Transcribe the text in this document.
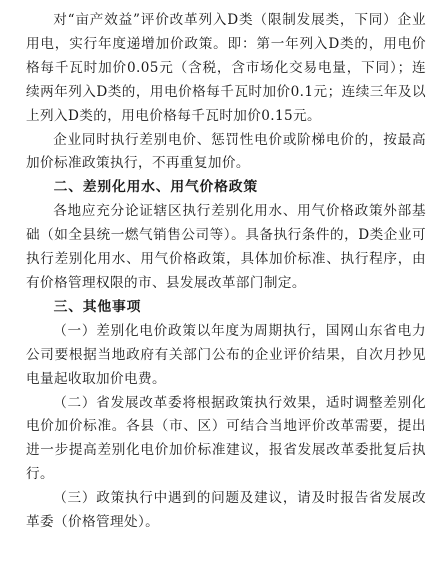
对“亩产效益”评价改革列入D类（限制发展类，下同）企业用电，实行年度递增加价政策。即：第一年列入D类的，用电价格每千瓦时加价0.05元（含税，含市场化交易电量，下同）；连续两年列入D类的，用电价格每千瓦时加价0.1元；连续三年及以上列入D类的，用电价格每千瓦时加价0.15元。

企业同时执行差别电价、惩罚性电价或阶梯电价的，按最高加价标准政策执行，不再重复加价。

二、差别化用水、用气价格政策

各地应充分论证辖区执行差别化用水、用气价格政策外部基础（如全县统一燃气销售公司等）。具备执行条件的，D类企业可执行差别化用水、用气价格政策，具体加价标准、执行程序，由有价格管理权限的市、县发展改革部门制定。

三、其他事项

（一）差别化电价政策以年度为周期执行，国网山东省电力公司要根据当地政府有关部门公布的企业评价结果，自次月抄见电量起收取加价电费。

（二）省发展改革委将根据政策执行效果，适时调整差别化电价加价标准。各县（市、区）可结合当地评价改革需要，提出进一步提高差别化电价加价标准建议，报省发展改革委批复后执行。

（三）政策执行中遇到的问题及建议，请及时报告省发展改革委（价格管理处）。
